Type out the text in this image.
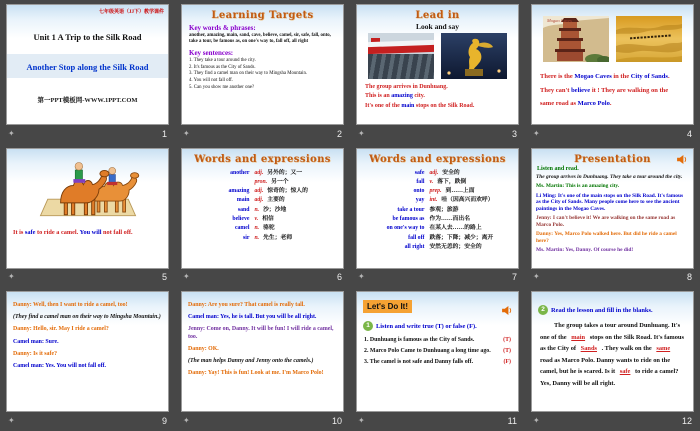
七年级英语（JJ下）教学课件
Unit 1 A Trip to the Silk Road
Another Stop along the Silk Road
第一PPT模板网-WWW.1PPT.COM
✦	1
Learning Targets
Key words & phrases:
another, amazing, main, sand, cave, believe, camel, sir, safe, fall, onto, take a tour, be famous as, on one's way to, fall off, all right
Key sentences:
1. They take a tour around the city.
2. It's famous as the City of Sands.
3. They find a camel man on their way to Mingsha Mountain.
4. You will not fall off.
5. Can you show me another one?
✦	2
Lead in
Look and say
The group arrives in Dunhuang.
This is an amazing city.
It's one of the main stops on the Silk Road.
✦	3
Mogao Caves
There is the Mogao Caves in the City of Sands.
They can't believe it ! They are walking on the
same road as Marco Polo.
✦	4
It is safe to ride a camel. You will not fall off.
✦	5
Words and expressions
another adj. 另外的；又一
pron. 另一个
amazing adj. 惊奇的；惊人的
main adj. 主要的
sand n. 沙；沙地
believe v. 相信
camel n. 骆驼
sir n. 先生；老师
✦	6
Words and expressions
safe adj. 安全的
fall v. 落下，跌倒
onto prep. 到……上面
yay int. 哇（因高兴而欢呼）
take a tour 参观；旅游
be famous as 作为……而出名
on one's way to 在某人去……的路上
fall off 跌落；下降；减少；离开
all right 安然无恙的；安全的
✦	7
Presentation
Listen and read.
The group arrives in Dunhuang. They take a tour around the city.
Ms. Martin: This is an amazing city.
Li Ming: It's one of the main stops on the Silk Road. It's famous as the City of Sands. Many people come here to see the ancient paintings in the Mogao Caves.
Jenny: I can't believe it! We are walking on the same road as Marco Polo.
Danny: Yes, Marco Polo walked here. But did he ride a camel here?
Ms. Martin: Yes, Danny. Of course he did!
✦	8
Danny: Well, then I want to ride a camel, too!
(They find a camel man on their way to Mingsha Mountain.)
Danny: Hello, sir. May I ride a camel?
Camel man: Sure.
Danny: Is it safe?
Camel man: Yes. You will not fall off.
✦	9
Danny: Are you sure? That camel is really tall.
Camel man: Yes, he is tall. But you will be all right.
Jenny: Come on, Danny. It will be fun! I will ride a camel, too.
Danny: OK.
(The man helps Danny and Jenny onto the camels.)
Danny: Yay! This is fun! Look at me. I'm Marco Polo!
✦	10
Let's Do It!
1 Listen and write true (T) or false (F).
1. Dunhuang is famous as the City of Sands.	(T)
2. Marco Polo Came to Dunhuang a long time ago.	(T)
3. The camel is not safe and Danny falls off.	(F)
✦	11
2 Read the lesson and fill in the blanks.
The group takes a tour around Dunhuang. It's one of the main stops on the Silk Road. It's famous as the City of Sands . They walk on the same road as Marco Polo. Danny wants to ride on the camel, but he is scared. Is it safe to ride a camel? Yes, Danny will be all right.
✦	12
